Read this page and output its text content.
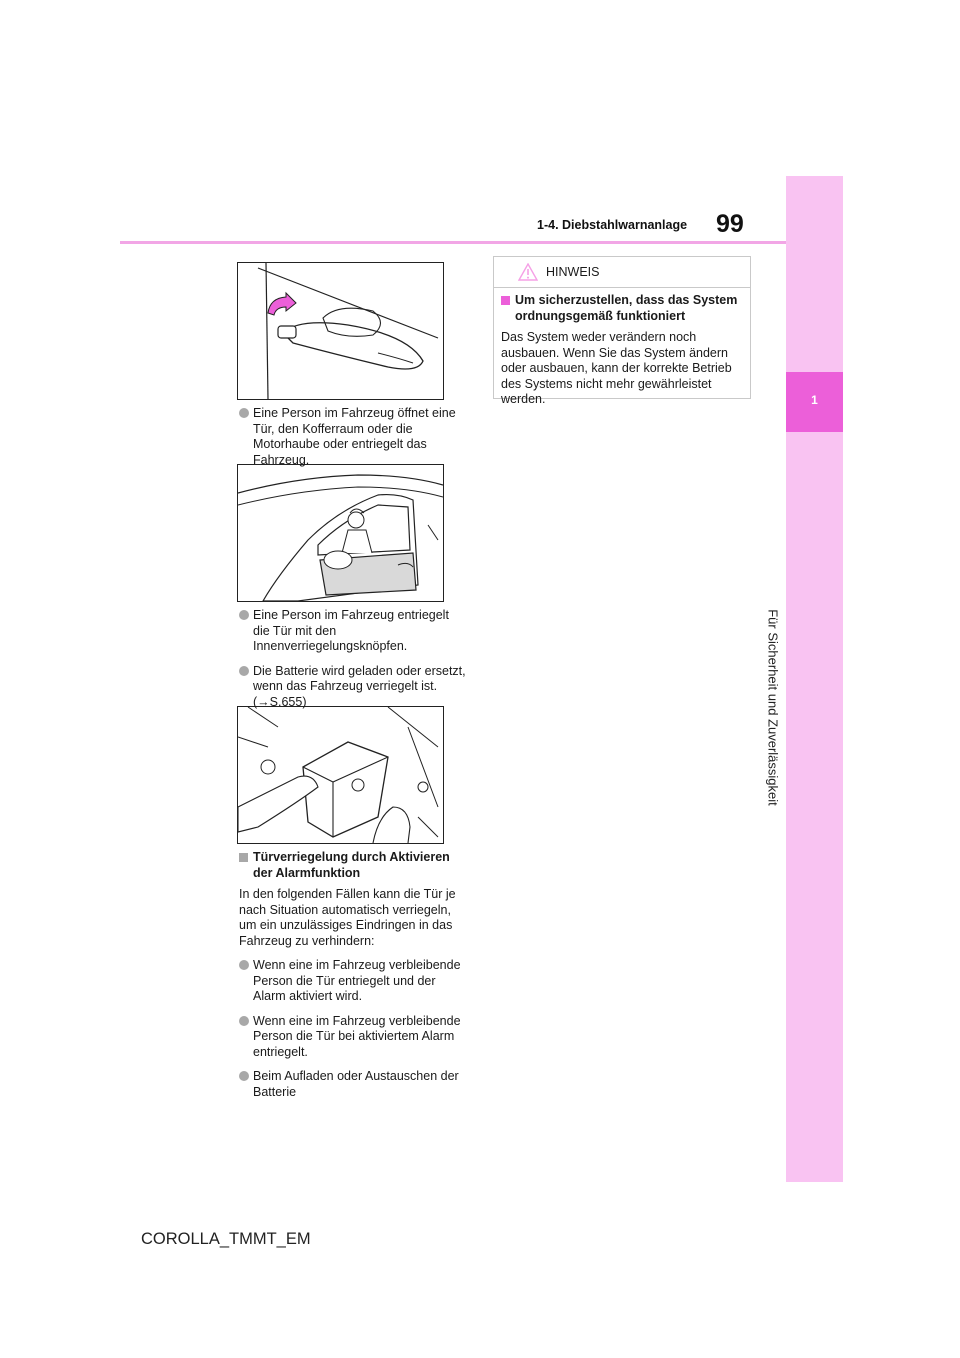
1-4. Diebstahlwarnanlage 99
1
Für Sicherheit und Zuverlässigkeit
Eine Person im Fahrzeug öffnet eine Tür, den Kofferraum oder die Motorhaube oder entriegelt das Fahrzeug.
Eine Person im Fahrzeug entriegelt die Tür mit den Innenverriegelungsknöpfen.
Die Batterie wird geladen oder ersetzt, wenn das Fahrzeug verriegelt ist. (→S.655)
Türverriegelung durch Aktivieren der Alarmfunktion
In den folgenden Fällen kann die Tür je nach Situation automatisch verriegeln, um ein unzulässiges Eindringen in das Fahrzeug zu verhindern:
Wenn eine im Fahrzeug verbleibende Person die Tür entriegelt und der Alarm aktiviert wird.
Wenn eine im Fahrzeug verbleibende Person die Tür bei aktiviertem Alarm entriegelt.
Beim Aufladen oder Austauschen der Batterie
HINWEIS
Um sicherzustellen, dass das System ordnungsgemäß funktioniert
Das System weder verändern noch ausbauen. Wenn Sie das System ändern oder ausbauen, kann der korrekte Betrieb des Systems nicht mehr gewährleistet werden.
COROLLA_TMMT_EM
